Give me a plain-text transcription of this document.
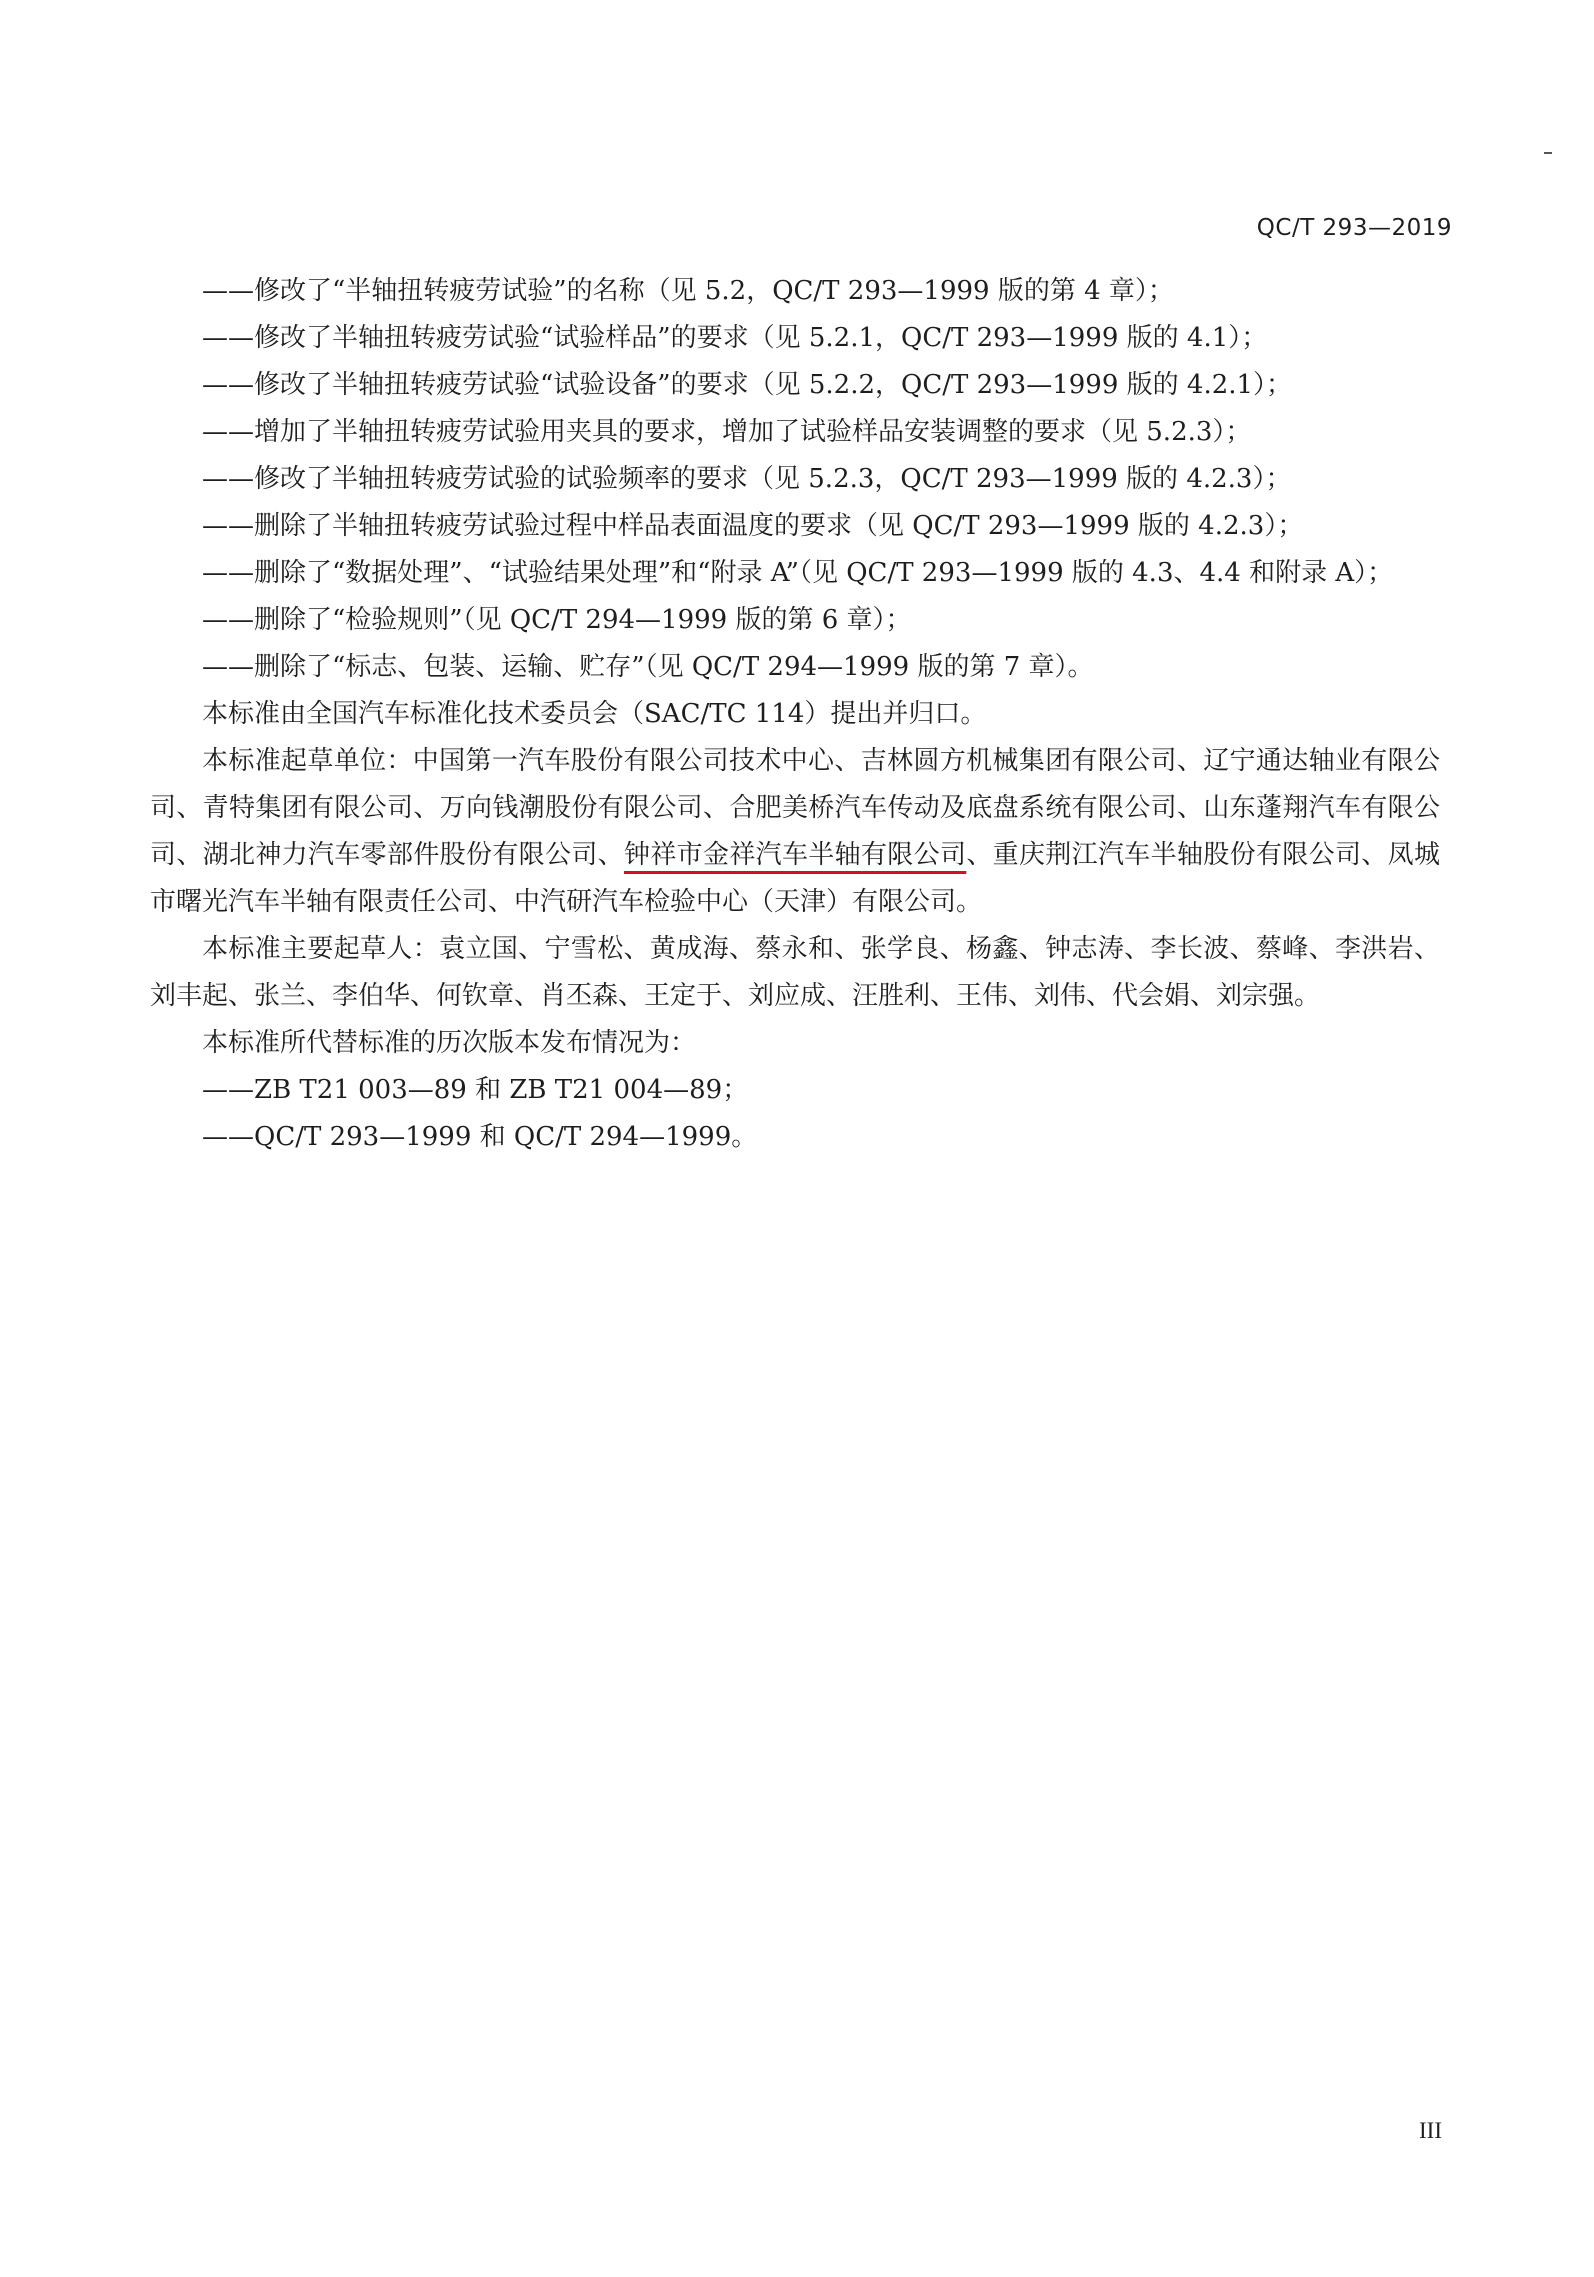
QC/T 293—2019

——修改了“半轴扭转疲劳试验”的名称（见 5.2，QC/T 293—1999 版的第 4 章）；

——修改了半轴扭转疲劳试验“试验样品”的要求（见 5.2.1，QC/T 293—1999 版的 4.1）；

——修改了半轴扭转疲劳试验“试验设备”的要求（见 5.2.2，QC/T 293—1999 版的 4.2.1）；

——增加了半轴扭转疲劳试验用夹具的要求，增加了试验样品安装调整的要求（见 5.2.3）；

——修改了半轴扭转疲劳试验的试验频率的要求（见 5.2.3，QC/T 293—1999 版的 4.2.3）；

——删除了半轴扭转疲劳试验过程中样品表面温度的要求（见 QC/T 293—1999 版的 4.2.3）；

——删除了“数据处理”、“试验结果处理”和“附录 A”（见 QC/T 293—1999 版的 4.3、4.4 和附录 A）；

——删除了“检验规则”（见 QC/T 294—1999 版的第 6 章）；

——删除了“标志、包装、运输、贮存”（见 QC/T 294—1999 版的第 7 章）。

本标准由全国汽车标准化技术委员会（SAC/TC 114）提出并归口。

本标准起草单位：中国第一汽车股份有限公司技术中心、吉林圆方机械集团有限公司、辽宁通达轴业有限公司、青特集团有限公司、万向钱潮股份有限公司、合肥美桥汽车传动及底盘系统有限公司、山东蓬翔汽车有限公司、湖北神力汽车零部件股份有限公司、钟祥市金祥汽车半轴有限公司、重庆荆江汽车半轴股份有限公司、凤城市曙光汽车半轴有限责任公司、中汽研汽车检验中心（天津）有限公司。

本标准主要起草人：袁立国、宁雪松、黄成海、蔡永和、张学良、杨鑫、钟志涛、李长波、蔡峰、李洪岩、刘丰起、张兰、李伯华、何钦章、肖丕森、王定于、刘应成、汪胜利、王伟、刘伟、代会娟、刘宗强。

本标准所代替标准的历次版本发布情况为：

——ZB T21 003—89 和 ZB T21 004—89；

——QC/T 293—1999 和 QC/T 294—1999。

III
